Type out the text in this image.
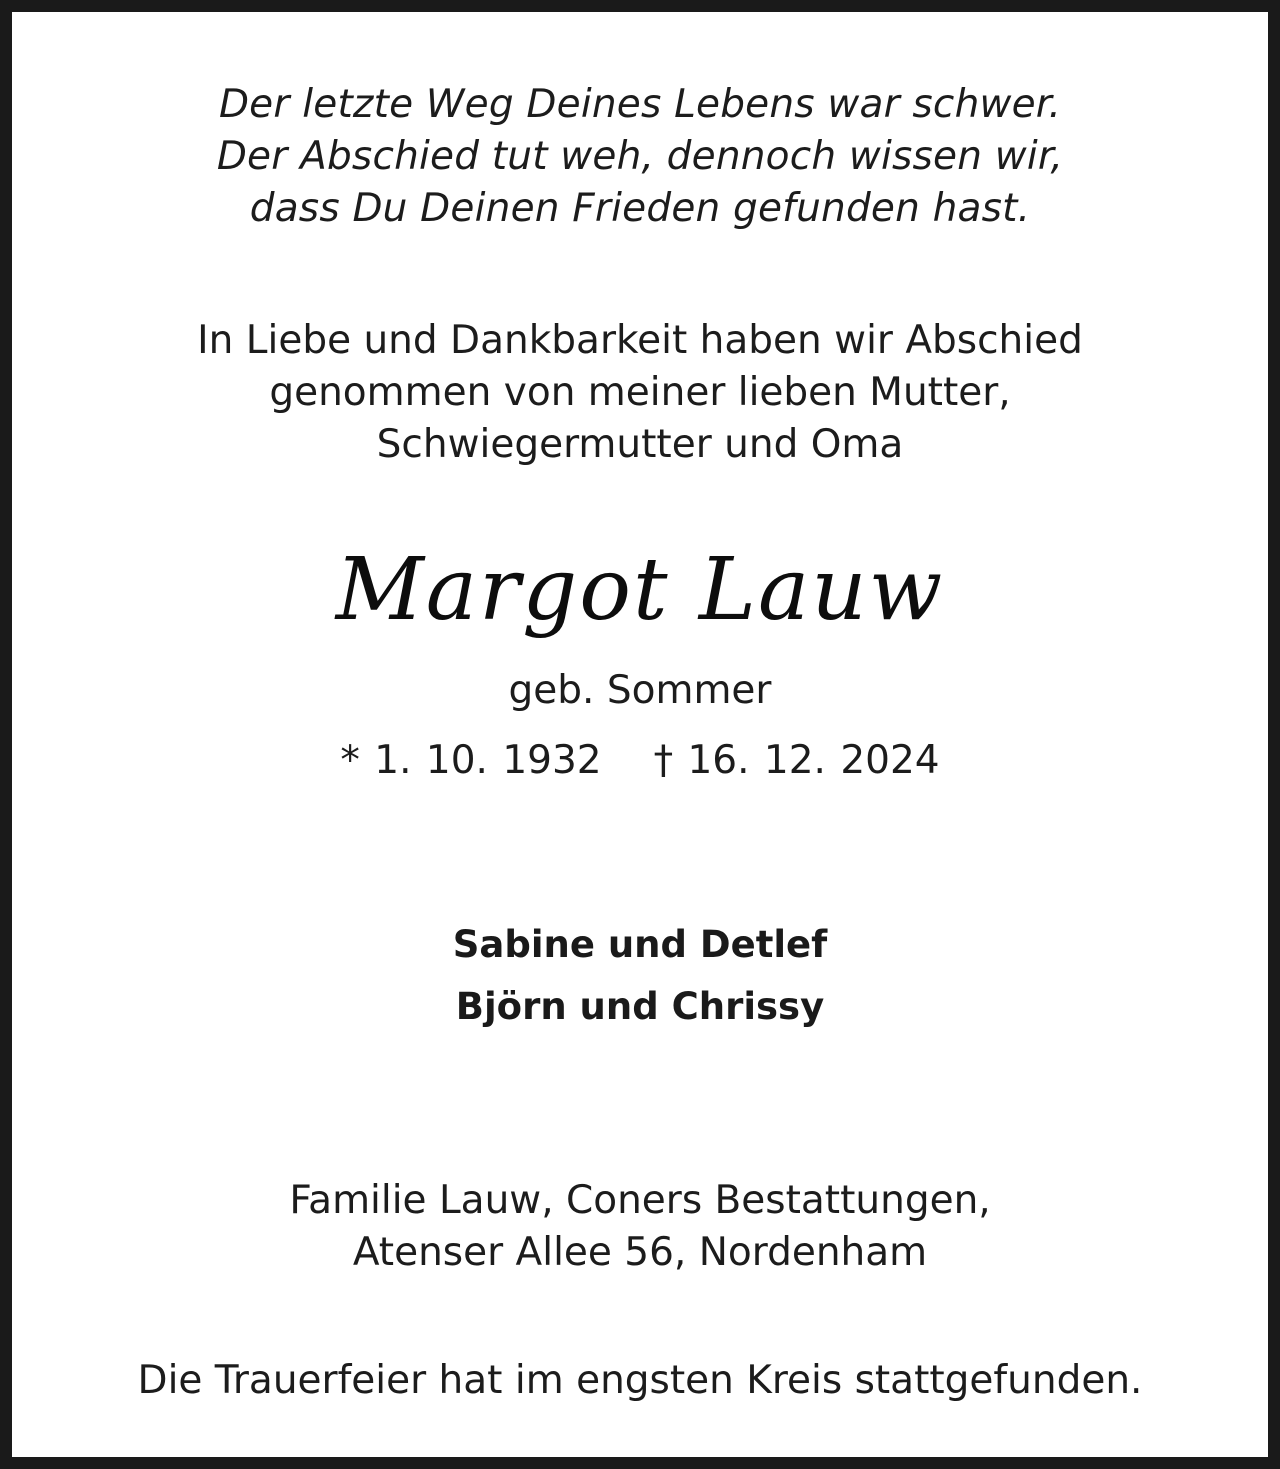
Der letzte Weg Deines Lebens war schwer.
Der Abschied tut weh, dennoch wissen wir,
dass Du Deinen Frieden gefunden hast.
In Liebe und Dankbarkeit haben wir Abschied
genommen von meiner lieben Mutter,
Schwiegermutter und Oma
Margot Lauw
geb. Sommer
* 1. 10. 1932 † 16. 12. 2024
Sabine und Detlef
Björn und Chrissy
Familie Lauw, Coners Bestattungen,
Atenser Allee 56, Nordenham
Die Trauerfeier hat im engsten Kreis stattgefunden.
